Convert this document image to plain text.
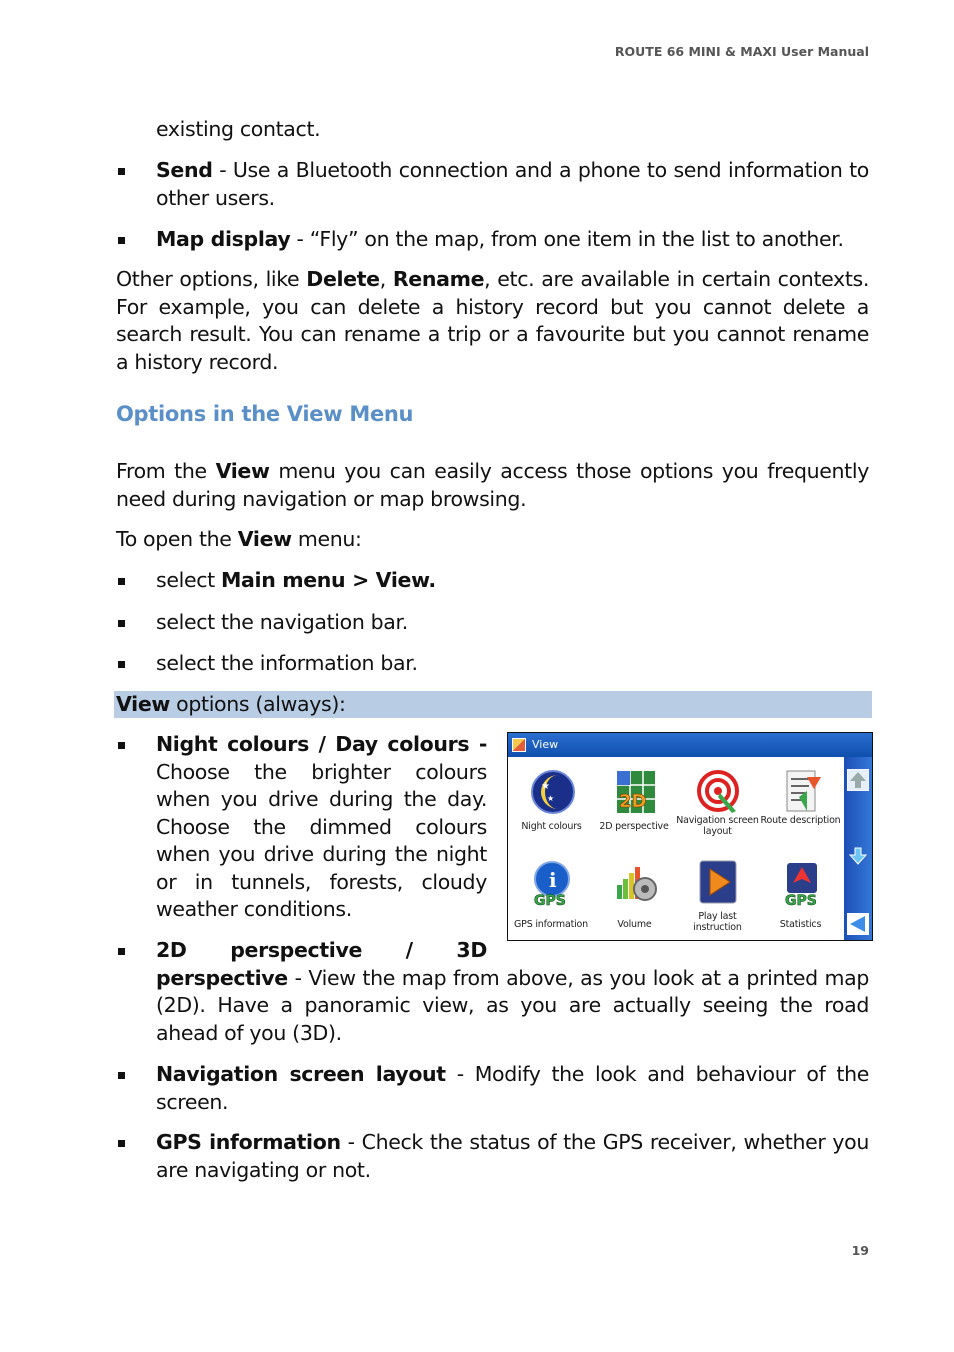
ROUTE 66 MINI & MAXI User Manual
existing contact.
Send - Use a Bluetooth connection and a phone to send information to other users.
Map display - “Fly” on the map, from one item in the list to another.
Other options, like Delete, Rename, etc. are available in certain contexts. For example, you can delete a history record but you cannot delete a search result. You can rename a trip or a favourite but you cannot rename a history record.
Options in the View Menu
From the View menu you can easily access those options you frequently need during navigation or map browsing.
To open the View menu:
select Main menu > View.
select the navigation bar.
select the information bar.
View options (always):
Night colours / Day colours - Choose the brighter colours when you drive during the day. Choose the dimmed colours when you drive during the night or in tunnels, forests, cloudy weather conditions.
2D perspective / 3D
perspective - View the map from above, as you look at a printed map (2D). Have a panoramic view, as you are actually seeing the road ahead of you (3D).
Navigation screen layout - Modify the look and behaviour of the screen.
GPS information - Check the status of the GPS receiver, whether you are navigating or not.
View
★
★
Night colours
2D
2D perspective
Navigation screen layout
Route description
i
GPS
GPS information	Volume
Play last instruction
GPS
Statistics
19
